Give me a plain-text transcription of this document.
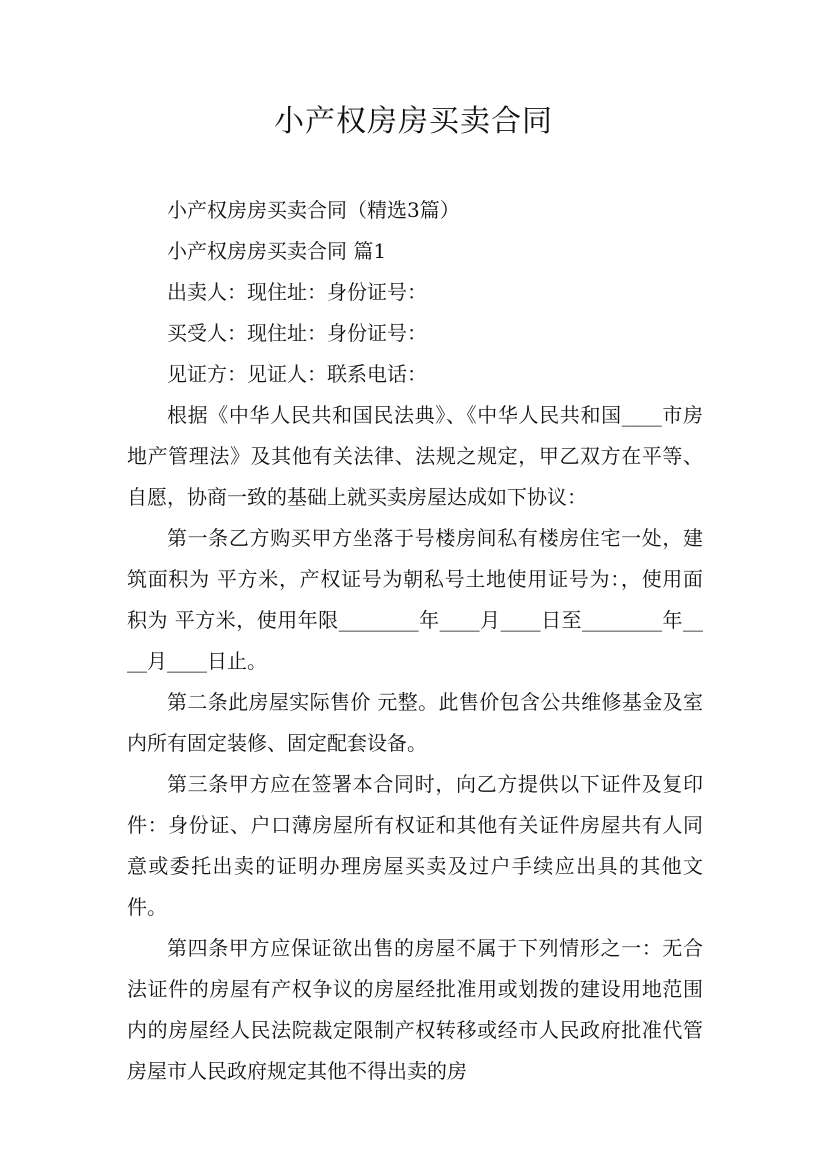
小产权房房买卖合同

小产权房房买卖合同（精选3篇）

小产权房房买卖合同 篇1

出卖人：现住址：身份证号：

买受人：现住址：身份证号：

见证方：见证人：联系电话：

根据《中华人民共和国民法典》、《中华人民共和国____市房地产管理法》及其他有关法律、法规之规定，甲乙双方在平等、自愿，协商一致的基础上就买卖房屋达成如下协议：

第一条乙方购买甲方坐落于号楼房间私有楼房住宅一处，建筑面积为 平方米，产权证号为朝私号土地使用证号为：，使用面积为 平方米，使用年限________年____月____日至________年____月____日止。

第二条此房屋实际售价 元整。此售价包含公共维修基金及室内所有固定装修、固定配套设备。

第三条甲方应在签署本合同时，向乙方提供以下证件及复印件：身份证、户口薄房屋所有权证和其他有关证件房屋共有人同意或委托出卖的证明办理房屋买卖及过户手续应出具的其他文件。

第四条甲方应保证欲出售的房屋不属于下列情形之一：无合法证件的房屋有产权争议的房屋经批准用或划拨的建设用地范围内的房屋经人民法院裁定限制产权转移或经市人民政府批准代管房屋市人民政府规定其他不得出卖的房
